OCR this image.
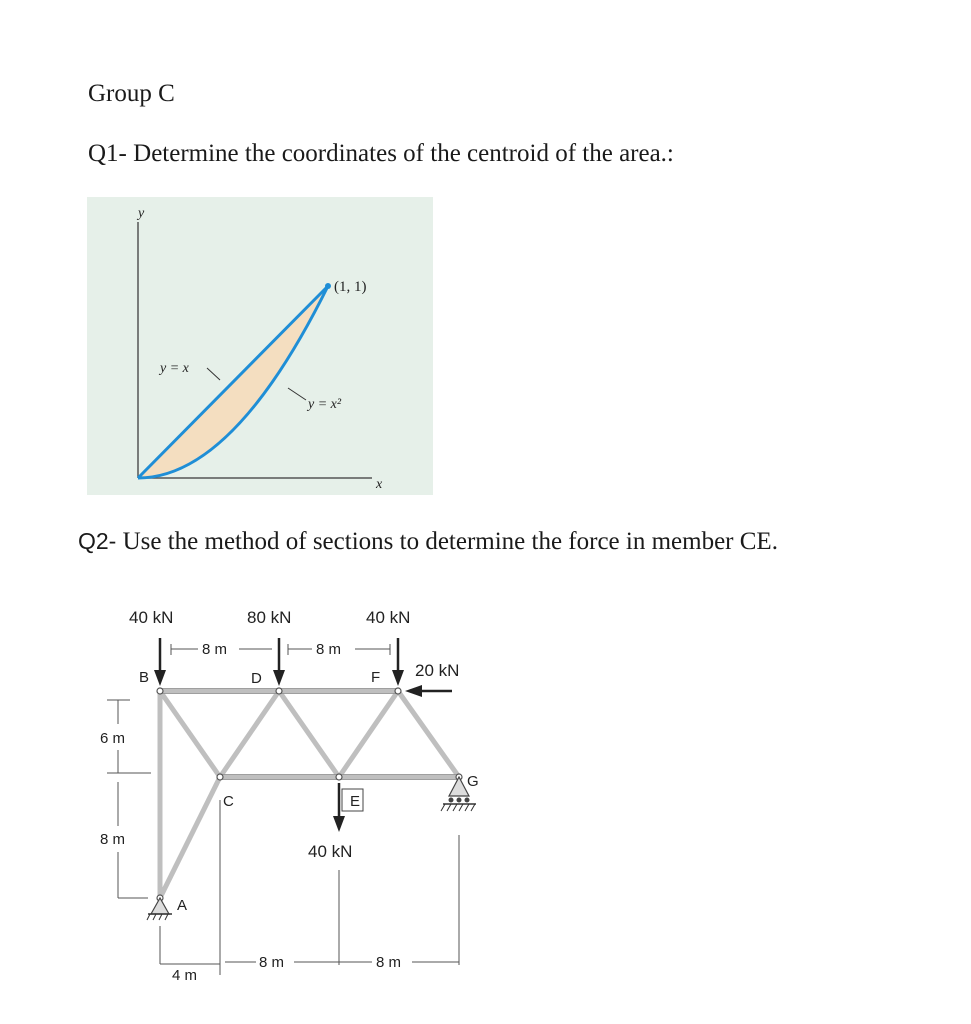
Group C
Q1- Determine the coordinates of the centroid of the area.:
Q2- Use the method of sections to determine the force in member CE.
y
x
(1, 1)
y = x
y = x²
40 kN	80 kN	40 kN
20 kN
40 kN
B	D	F
C	E
G
A
8 m	8 m
6 m
8 m
4 m
8 m	8 m
